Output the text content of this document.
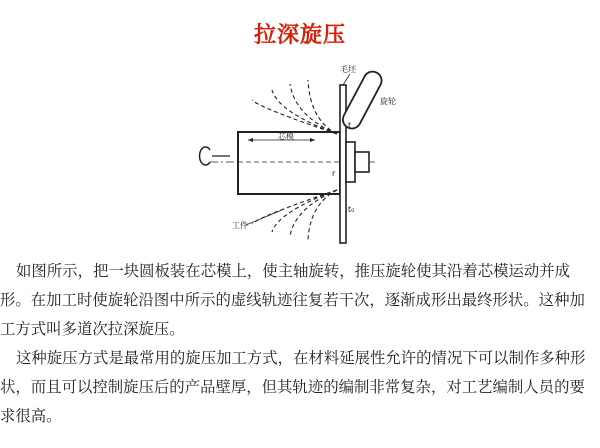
拉深旋压
毛坯
旋轮
芯模
t
r
t₀
工件

如图所示，把一块圆板装在芯模上，使主轴旋转，推压旋轮使其沿着芯模运动并成形。在加工时使旋轮沿图中所示的虚线轨迹往复若干次，逐渐成形出最终形状。这种加工方式叫多道次拉深旋压。

这种旋压方式是最常用的旋压加工方式，在材料延展性允许的情况下可以制作多种形状，而且可以控制旋压后的产品壁厚，但其轨迹的编制非常复杂，对工艺编制人员的要求很高。
